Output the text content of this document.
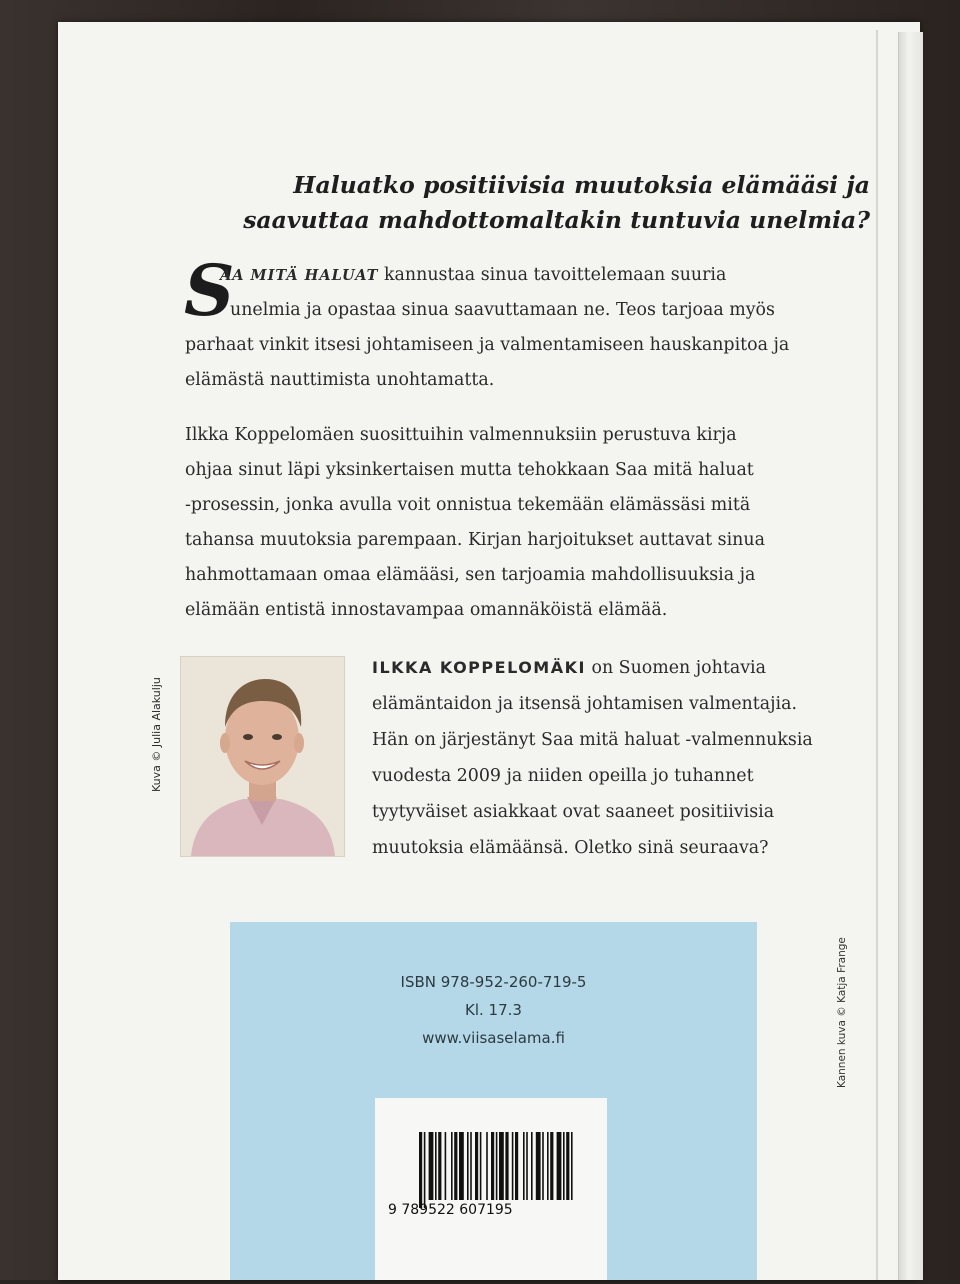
Haluatko positiivisia muutoksia elämääsi ja
saavuttaa mahdottomaltakin tuntuvia unelmia?
S
AA MITÄ HALUAT kannustaa sinua tavoittelemaan suuria
unelmia ja opastaa sinua saavuttamaan ne. Teos tarjoaa myös
parhaat vinkit itsesi johtamiseen ja valmentamiseen hauskanpitoa ja
elämästä nauttimista unohtamatta.
Ilkka Koppelomäen suosittuihin valmennuksiin perustuva kirja
ohjaa sinut läpi yksinkertaisen mutta tehokkaan Saa mitä haluat
-prosessin, jonka avulla voit onnistua tekemään elämässäsi mitä
tahansa muutoksia parempaan. Kirjan harjoitukset auttavat sinua
hahmottamaan omaa elämääsi, sen tarjoamia mahdollisuuksia ja
elämään entistä innostavampaa omannäköistä elämää.
Kuva © Julia Alakulju
ILKKA KOPPELOMÄKI on Suomen johtavia
elämäntaidon ja itsensä johtamisen valmentajia.
Hän on järjestänyt Saa mitä haluat -valmennuksia
vuodesta 2009 ja niiden opeilla jo tuhannet
tyytyväiset asiakkaat ovat saaneet positiivisia
muutoksia elämäänsä. Oletko sinä seuraava?
ISBN 978-952-260-719-5
Kl. 17.3
www.viisaselama.fi
9 789522 607195
Kannen kuva © Katja Frange
